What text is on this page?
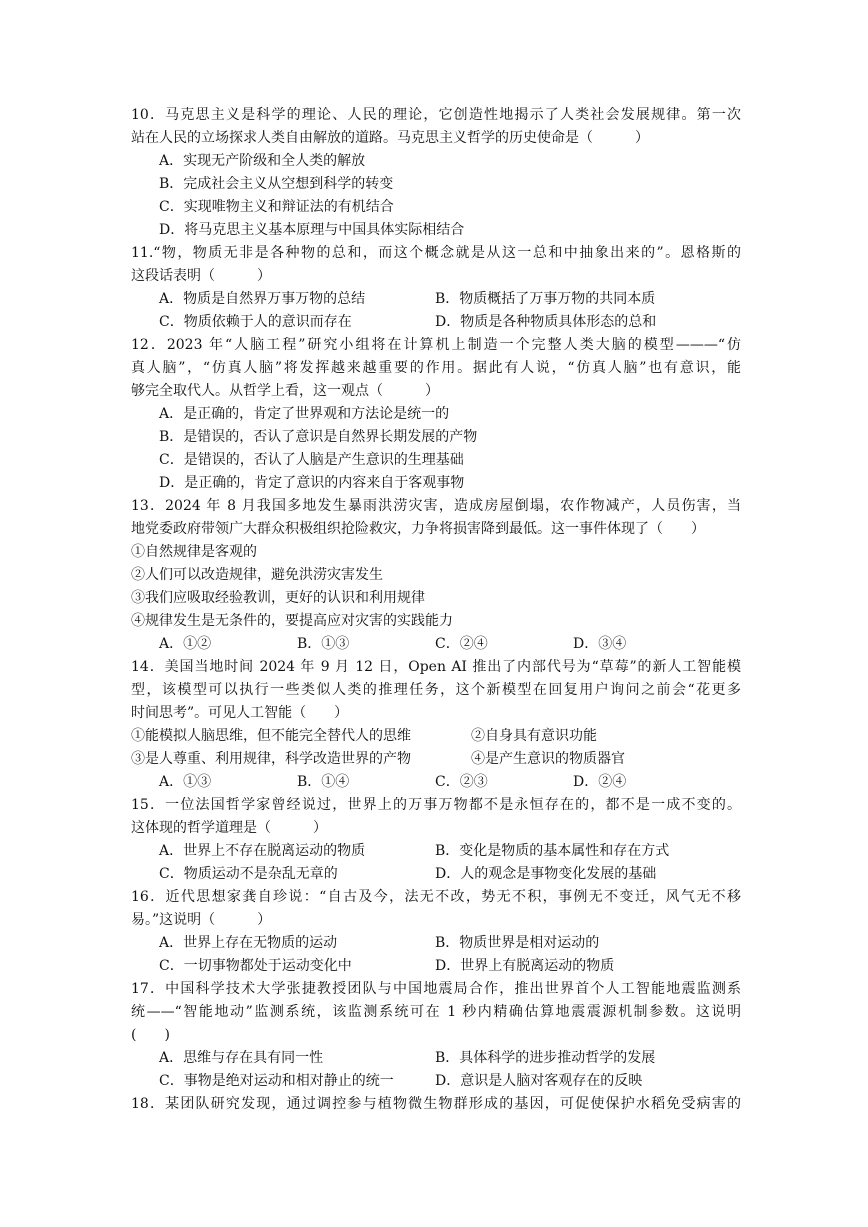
10．马克思主义是科学的理论、人民的理论，它创造性地揭示了人类社会发展规律。第一次
站在人民的立场探求人类自由解放的道路。马克思主义哲学的历史使命是（　　　）
A．实现无产阶级和全人类的解放
B．完成社会主义从空想到科学的转变
C．实现唯物主义和辩证法的有机结合
D．将马克思主义基本原理与中国具体实际相结合
11.“物，物质无非是各种物的总和，而这个概念就是从这一总和中抽象出来的”。恩格斯的
这段话表明（　　　）
A．物质是自然界万事万物的总结	B．物质概括了万事万物的共同本质
C．物质依赖于人的意识而存在	D．物质是各种物质具体形态的总和
12．2023 年“人脑工程”研究小组将在计算机上制造一个完整人类大脑的模型———“仿
真人脑”，“仿真人脑”将发挥越来越重要的作用。据此有人说，“仿真人脑”也有意识，能
够完全取代人。从哲学上看，这一观点（　　　）
A．是正确的，肯定了世界观和方法论是统一的
B．是错误的，否认了意识是自然界长期发展的产物
C．是错误的，否认了人脑是产生意识的生理基础
D．是正确的，肯定了意识的内容来自于客观事物
13．2024 年 8 月我国多地发生暴雨洪涝灾害，造成房屋倒塌，农作物减产，人员伤害，当
地党委政府带领广大群众积极组织抢险救灾，力争将损害降到最低。这一事件体现了（　　）
①自然规律是客观的
②人们可以改造规律，避免洪涝灾害发生
③我们应吸取经验教训，更好的认识和利用规律
④规律发生是无条件的，要提高应对灾害的实践能力
A．①②	B．①③	C．②④	D．③④
14．美国当地时间 2024 年 9 月 12 日，Open AI 推出了内部代号为“草莓”的新人工智能模
型，该模型可以执行一些类似人类的推理任务，这个新模型在回复用户询问之前会“花更多
时间思考”。可见人工智能（　　）
①能模拟人脑思维，但不能完全替代人的思维	②自身具有意识功能
③是人尊重、利用规律，科学改造世界的产物	④是产生意识的物质器官
A．①③	B．①④	C．②③	D．②④
15．一位法国哲学家曾经说过，世界上的万事万物都不是永恒存在的，都不是一成不变的。
这体现的哲学道理是（　　　）
A．世界上不存在脱离运动的物质	B．变化是物质的基本属性和存在方式
C．物质运动不是杂乱无章的	D．人的观念是事物变化发展的基础
16．近代思想家龚自珍说：“自古及今，法无不改，势无不积，事例无不变迁，风气无不移
易。”这说明（　　　）
A．世界上存在无物质的运动	B．物质世界是相对运动的
C．一切事物都处于运动变化中	D．世界上有脱离运动的物质
17．中国科学技术大学张捷教授团队与中国地震局合作，推出世界首个人工智能地震监测系
统——“智能地动”监测系统，该监测系统可在 1 秒内精确估算地震震源机制参数。这说明
(　　)
A．思维与存在具有同一性	B．具体科学的进步推动哲学的发展
C．事物是绝对运动和相对静止的统一	D．意识是人脑对客观存在的反映
18．某团队研究发现，通过调控参与植物微生物群形成的基因，可促使保护水稻免受病害的
